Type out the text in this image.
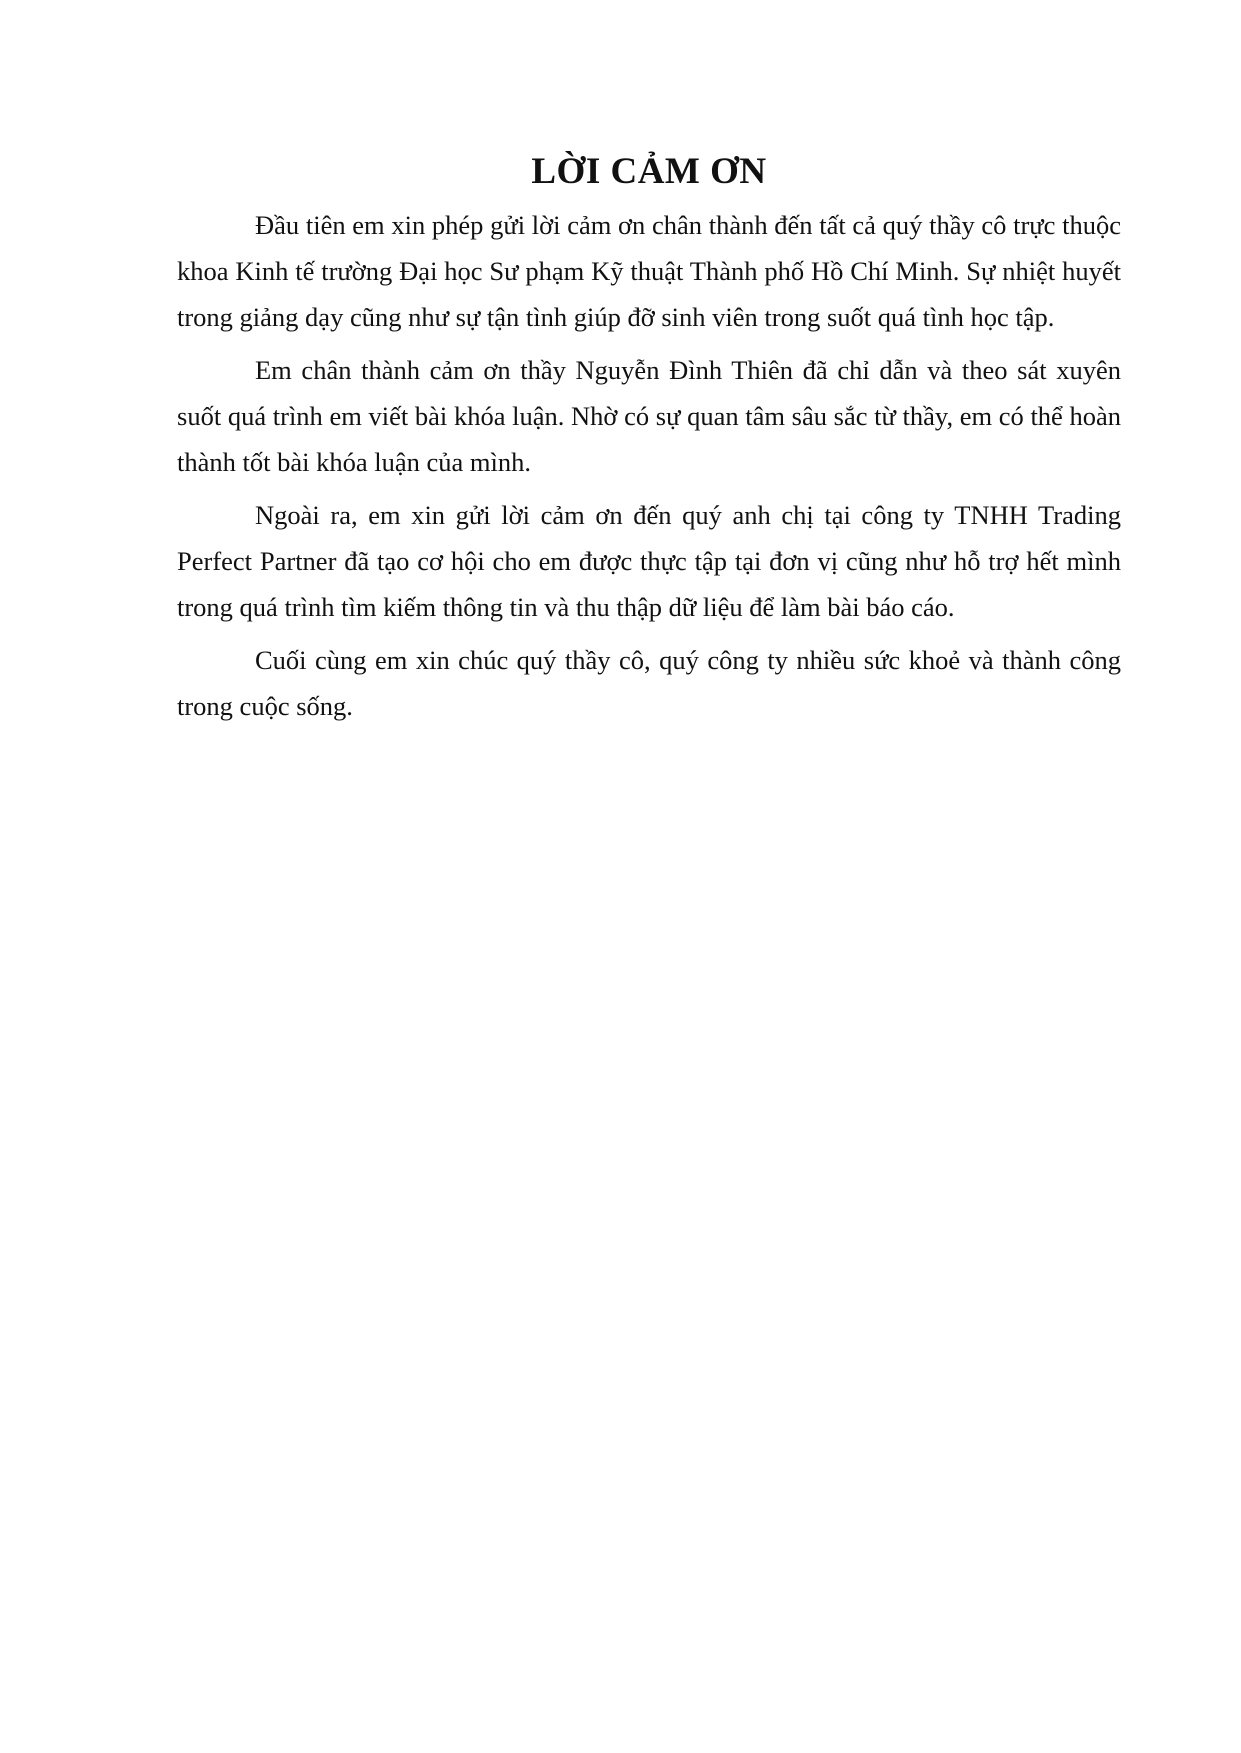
LỜI CẢM ƠN

Đầu tiên em xin phép gửi lời cảm ơn chân thành đến tất cả quý thầy cô trực thuộc khoa Kinh tế trường Đại học Sư phạm Kỹ thuật Thành phố Hồ Chí Minh. Sự nhiệt huyết trong giảng dạy cũng như sự tận tình giúp đỡ sinh viên trong suốt quá tình học tập.

Em chân thành cảm ơn thầy Nguyễn Đình Thiên đã chỉ dẫn và theo sát xuyên suốt quá trình em viết bài khóa luận. Nhờ có sự quan tâm sâu sắc từ thầy, em có thể hoàn thành tốt bài khóa luận của mình.

Ngoài ra, em xin gửi lời cảm ơn đến quý anh chị tại công ty TNHH Trading Perfect Partner đã tạo cơ hội cho em được thực tập tại đơn vị cũng như hỗ trợ hết mình trong quá trình tìm kiếm thông tin và thu thập dữ liệu để làm bài báo cáo.

Cuối cùng em xin chúc quý thầy cô, quý công ty nhiều sức khoẻ và thành công trong cuộc sống.
